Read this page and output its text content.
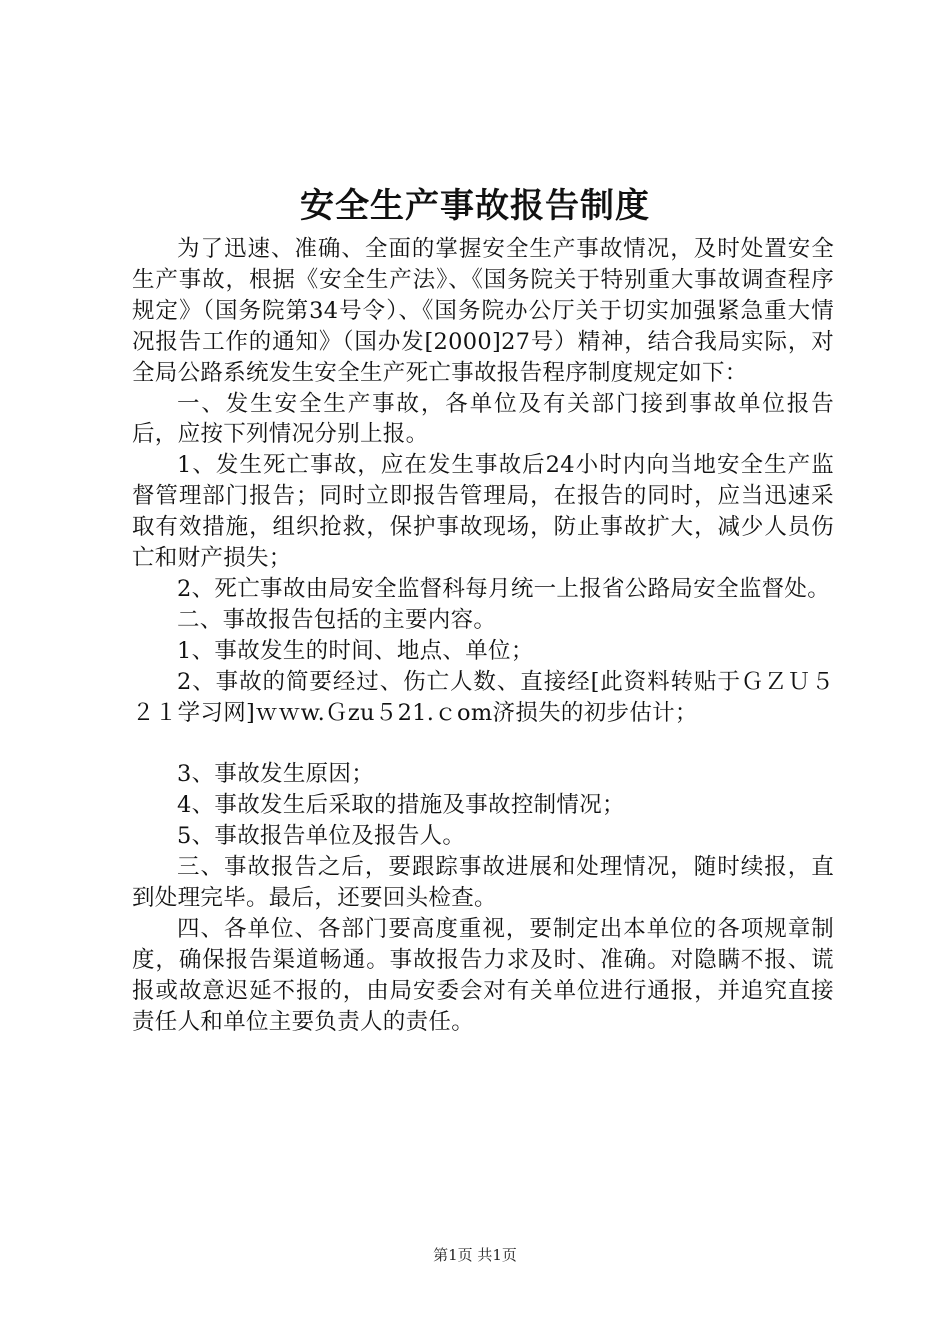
安全生产事故报告制度

为了迅速、准确、全面的掌握安全生产事故情况，及时处置安全生产事故，根据《安全生产法》、《国务院关于特别重大事故调查程序规定》（国务院第34号令）、《国务院办公厅关于切实加强紧急重大情况报告工作的通知》（国办发[2000]27号）精神，结合我局实际，对全局公路系统发生安全生产死亡事故报告程序制度规定如下：

一、发生安全生产事故，各单位及有关部门接到事故单位报告后，应按下列情况分别上报。

1、发生死亡事故，应在发生事故后24小时内向当地安全生产监督管理部门报告；同时立即报告管理局，在报告的同时，应当迅速采取有效措施，组织抢救，保护事故现场，防止事故扩大，减少人员伤亡和财产损失；

2、死亡事故由局安全监督科每月统一上报省公路局安全监督处。

二、事故报告包括的主要内容。

1、事故发生的时间、地点、单位；

2、事故的简要经过、伤亡人数、直接经[此资料转贴于ＧＺＵ５２１学习网]ｗｗw.Ｇzu５21.ｃom济损失的初步估计；

3、事故发生原因；

4、事故发生后采取的措施及事故控制情况；

5、事故报告单位及报告人。

三、事故报告之后，要跟踪事故进展和处理情况，随时续报，直到处理完毕。最后，还要回头检查。

四、各单位、各部门要高度重视，要制定出本单位的各项规章制度，确保报告渠道畅通。事故报告力求及时、准确。对隐瞒不报、谎报或故意迟延不报的，由局安委会对有关单位进行通报，并追究直接责任人和单位主要负责人的责任。

第1页 共1页
